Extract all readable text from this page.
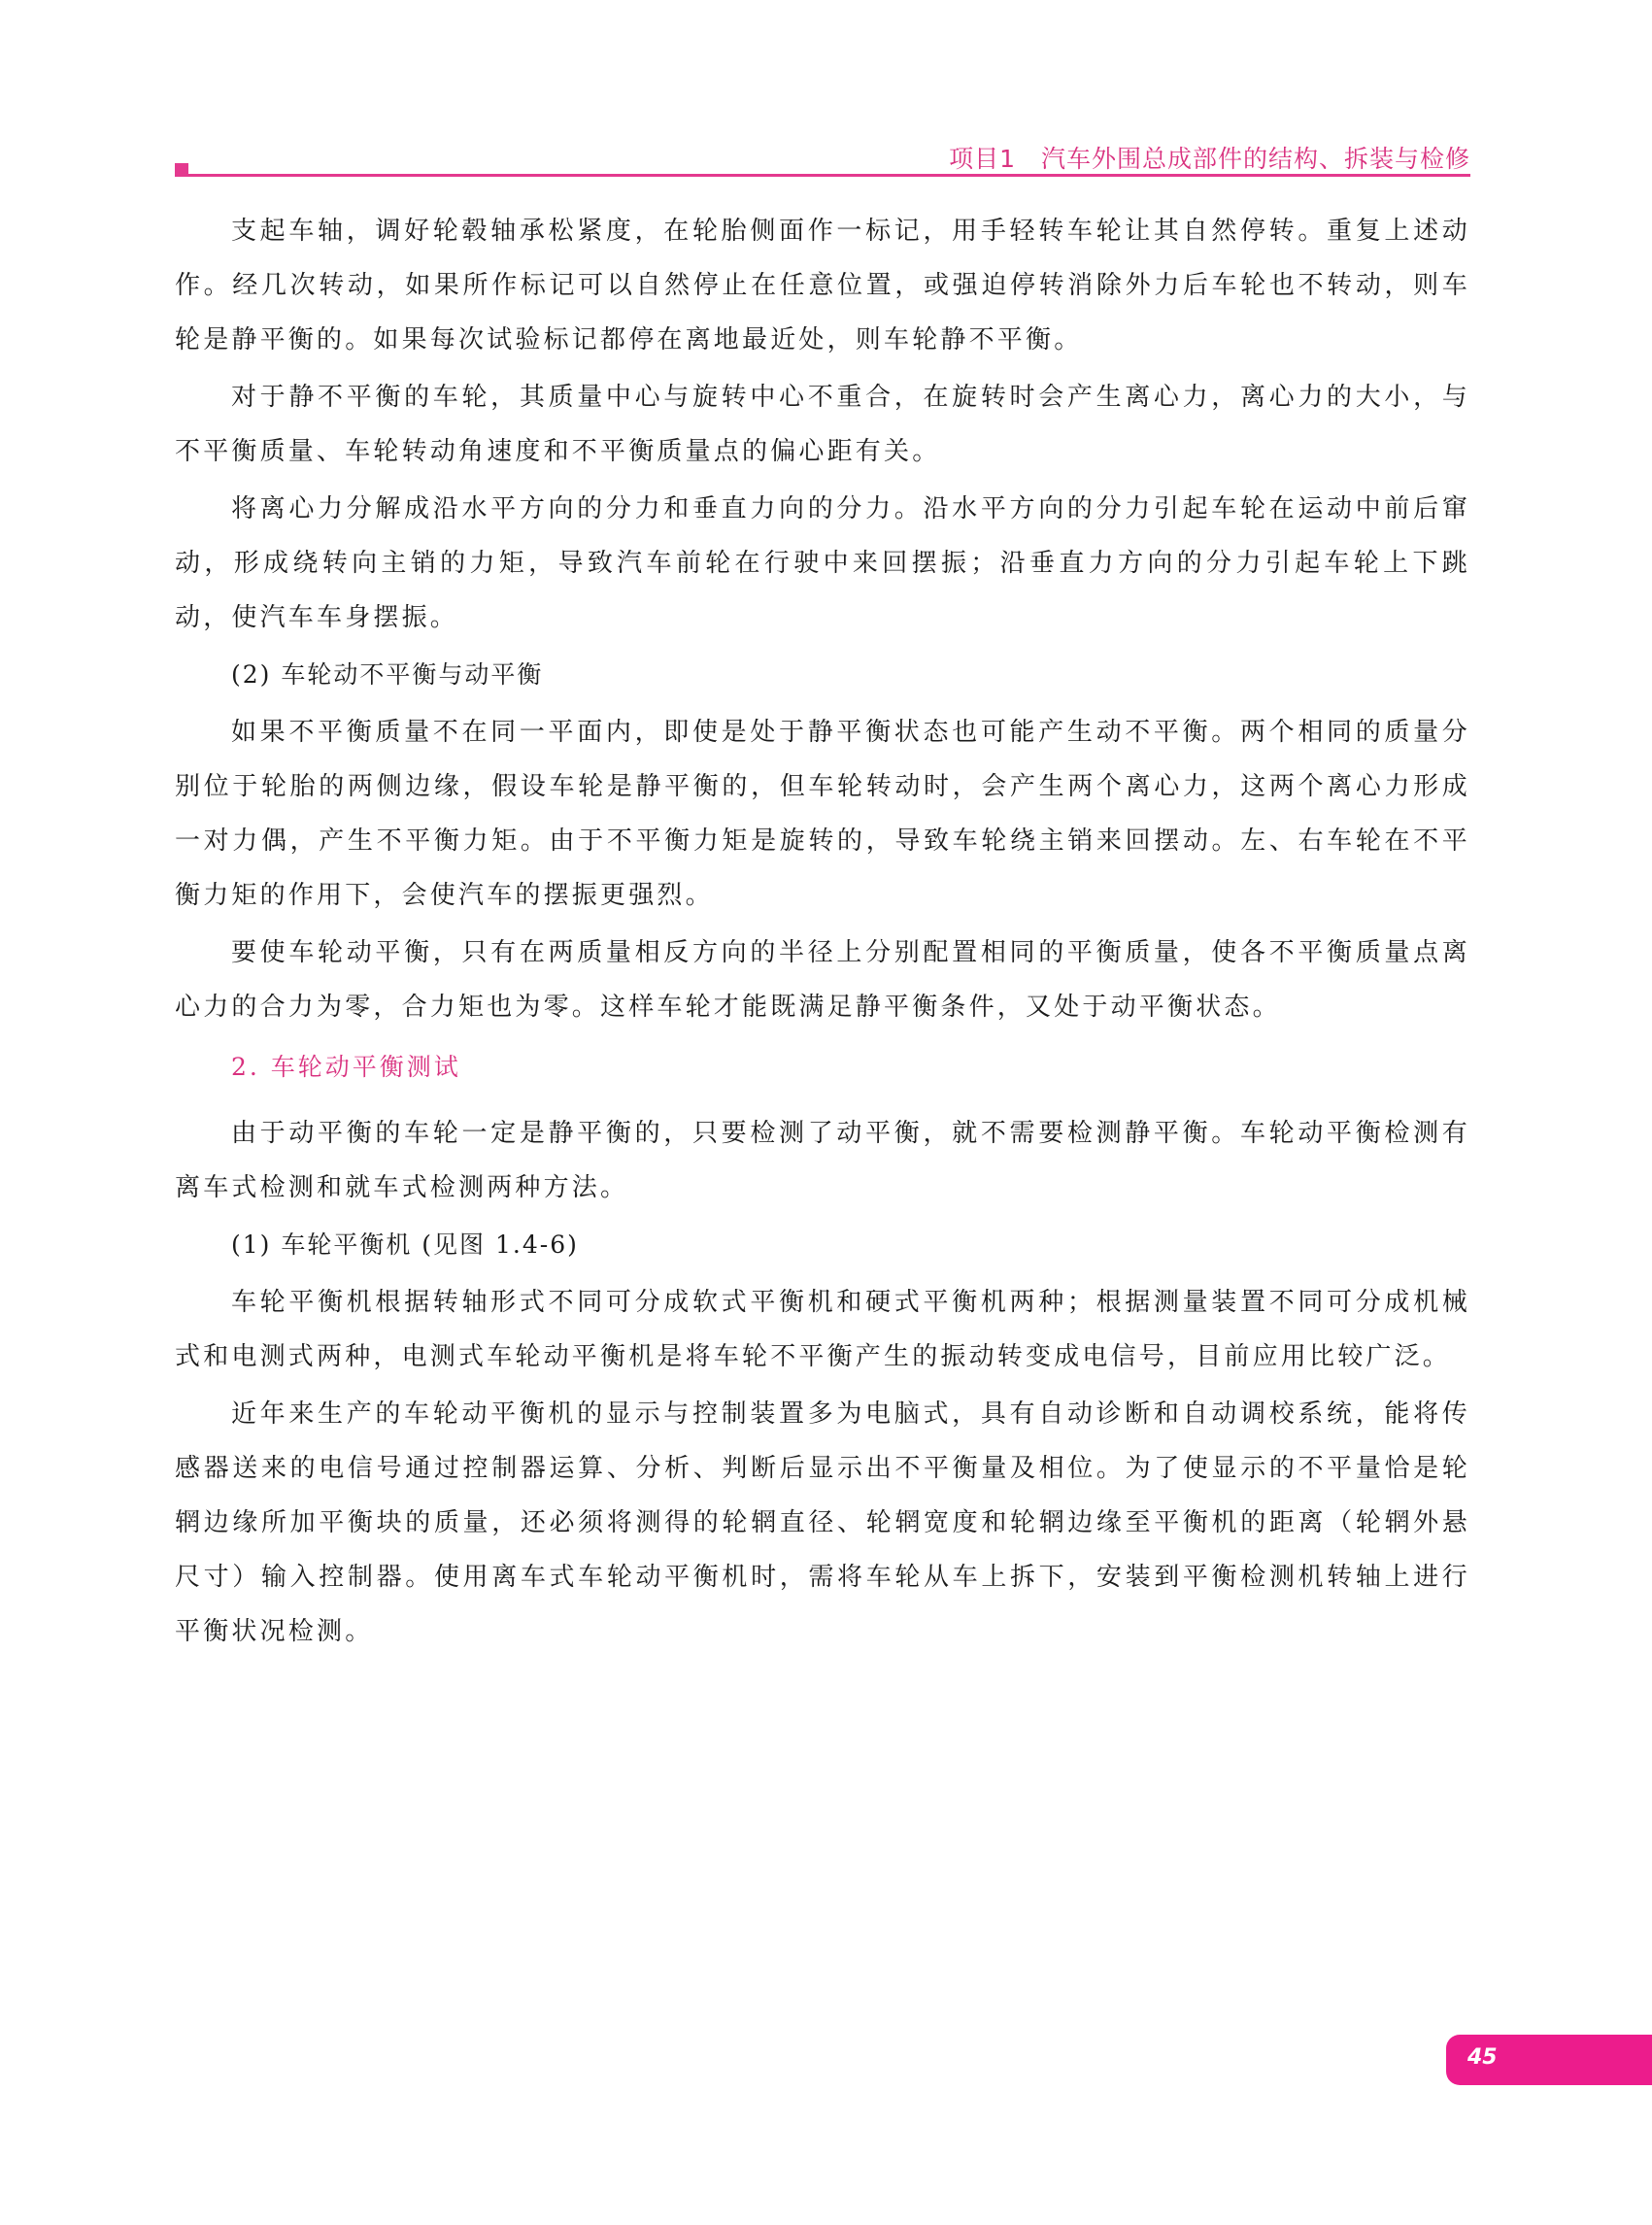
项目1　汽车外围总成部件的结构、拆装与检修

支起车轴，调好轮毂轴承松紧度，在轮胎侧面作一标记，用手轻转车轮让其自然停转。重复上述动作。经几次转动，如果所作标记可以自然停止在任意位置，或强迫停转消除外力后车轮也不转动，则车轮是静平衡的。如果每次试验标记都停在离地最近处，则车轮静不平衡。

对于静不平衡的车轮，其质量中心与旋转中心不重合，在旋转时会产生离心力，离心力的大小，与不平衡质量、车轮转动角速度和不平衡质量点的偏心距有关。

将离心力分解成沿水平方向的分力和垂直力向的分力。沿水平方向的分力引起车轮在运动中前后窜动，形成绕转向主销的力矩，导致汽车前轮在行驶中来回摆振；沿垂直力方向的分力引起车轮上下跳动，使汽车车身摆振。

(2) 车轮动不平衡与动平衡

如果不平衡质量不在同一平面内，即使是处于静平衡状态也可能产生动不平衡。两个相同的质量分别位于轮胎的两侧边缘，假设车轮是静平衡的，但车轮转动时，会产生两个离心力，这两个离心力形成一对力偶，产生不平衡力矩。由于不平衡力矩是旋转的，导致车轮绕主销来回摆动。左、右车轮在不平衡力矩的作用下，会使汽车的摆振更强烈。

要使车轮动平衡，只有在两质量相反方向的半径上分别配置相同的平衡质量，使各不平衡质量点离心力的合力为零，合力矩也为零。这样车轮才能既满足静平衡条件，又处于动平衡状态。

2. 车轮动平衡测试

由于动平衡的车轮一定是静平衡的，只要检测了动平衡，就不需要检测静平衡。车轮动平衡检测有离车式检测和就车式检测两种方法。

(1) 车轮平衡机 (见图 1.4-6)

车轮平衡机根据转轴形式不同可分成软式平衡机和硬式平衡机两种；根据测量装置不同可分成机械式和电测式两种，电测式车轮动平衡机是将车轮不平衡产生的振动转变成电信号，目前应用比较广泛。

近年来生产的车轮动平衡机的显示与控制装置多为电脑式，具有自动诊断和自动调校系统，能将传感器送来的电信号通过控制器运算、分析、判断后显示出不平衡量及相位。为了使显示的不平量恰是轮辋边缘所加平衡块的质量，还必须将测得的轮辋直径、轮辋宽度和轮辋边缘至平衡机的距离（轮辋外悬尺寸）输入控制器。使用离车式车轮动平衡机时，需将车轮从车上拆下，安装到平衡检测机转轴上进行平衡状况检测。

45
